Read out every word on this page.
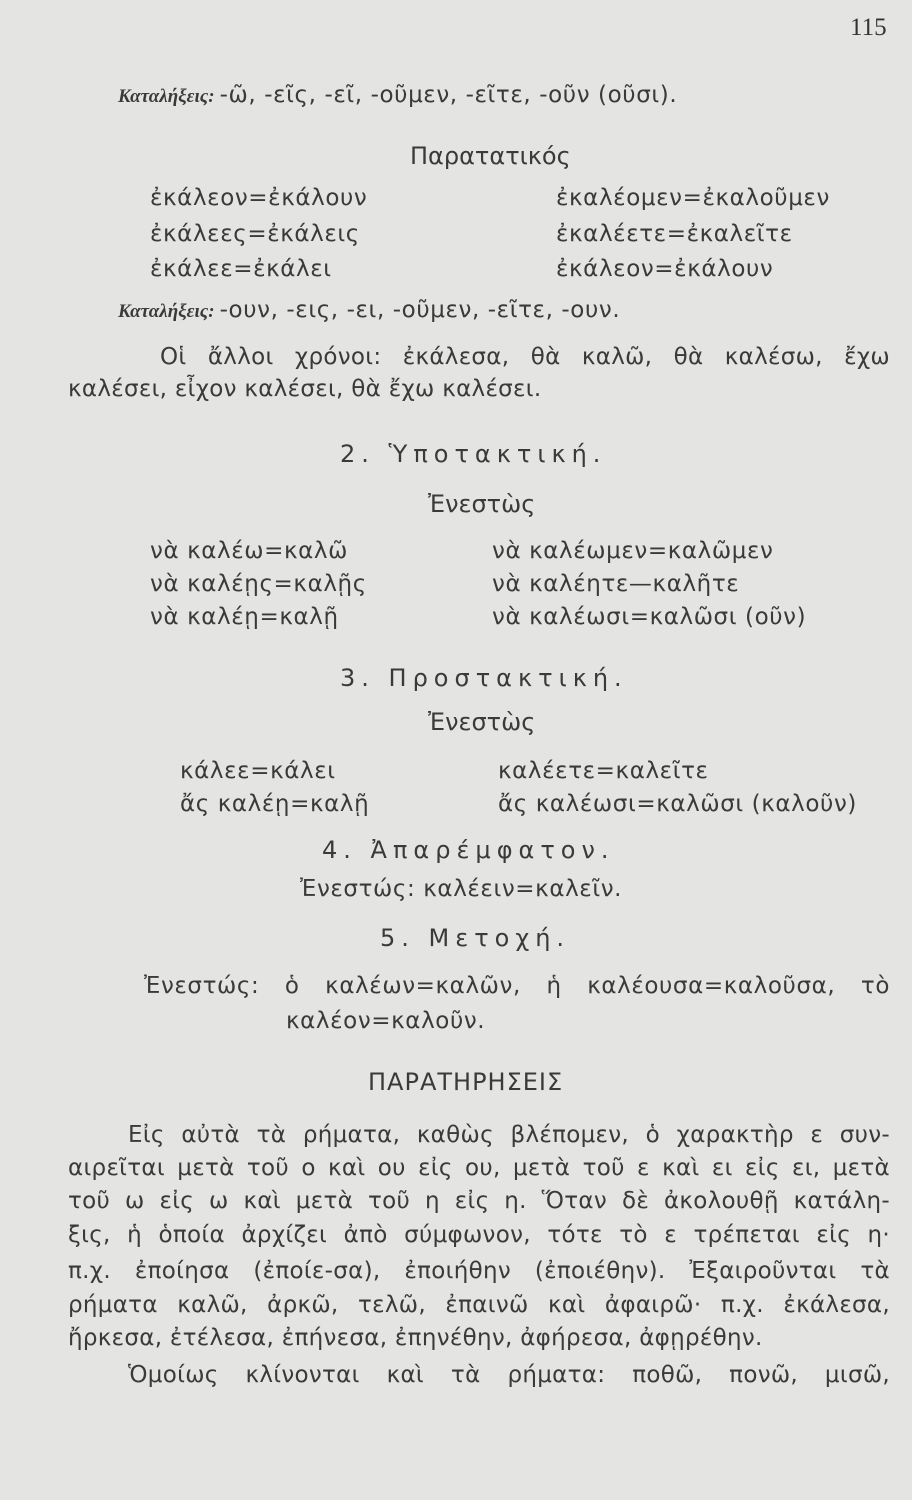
115
Καταλήξεις: -ῶ, -εῖς, -εῖ, -οῦμεν, -εῖτε, -οῦν (οῦσι).
Παρατατικός
ἐκάλεον=ἐκάλουν
ἐκάλεες=ἐκάλεις
ἐκάλεε=ἐκάλει
ἐκαλέομεν=ἐκαλοῦμεν
ἐκαλέετε=ἐκαλεῖτε
ἐκάλεον=ἐκάλουν
Καταλήξεις: -ουν, -εις, -ει, -οῦμεν, -εῖτε, -ουν.
Οἱ ἄλλοι χρόνοι: ἐκάλεσα, θὰ καλῶ, θὰ καλέσω, ἔχω
καλέσει, εἶχον καλέσει, θὰ ἔχω καλέσει.
2. Ὑποτακτική.
Ἐνεστὼς
νὰ καλέω=καλῶ
νὰ καλέῃς=καλῇς
νὰ καλέῃ=καλῇ
νὰ καλέωμεν=καλῶμεν
νὰ καλέητε—καλῆτε
νὰ καλέωσι=καλῶσι (οῦν)
3. Προστακτική.
Ἐνεστὼς
κάλεε=κάλει
ἄς καλέῃ=καλῇ
καλέετε=καλεῖτε
ἄς καλέωσι=καλῶσι (καλοῦν)
4. Ἀπαρέμφατον.
Ἐνεστώς: καλέειν=καλεῖν.
5. Μετοχή.
Ἐνεστώς: ὁ καλέων=καλῶν, ἡ καλέουσα=καλοῦσα, τὸ
καλέον=καλοῦν.
ΠΑΡΑΤΗΡΗΣΕΙΣ
Εἰς αὐτὰ τὰ ρήματα, καθὼς βλέπομεν, ὁ χαρακτὴρ ε συν-
αιρεῖται μετὰ τοῦ ο καὶ ου εἰς ου, μετὰ τοῦ ε καὶ ει εἰς ει, μετὰ
τοῦ ω εἰς ω καὶ μετὰ τοῦ η εἰς η. Ὅταν δὲ ἀκολουθῇ κατάλη-
ξις, ἡ ὁποία ἀρχίζει ἀπὸ σύμφωνον, τότε τὸ ε τρέπεται εἰς η·
π.χ. ἐποίησα (ἐποίε-σα), ἐποιήθην (ἐποιέθην). Ἐξαιροῦνται τὰ
ρήματα καλῶ, ἀρκῶ, τελῶ, ἐπαινῶ καὶ ἀφαιρῶ· π.χ. ἐκάλεσα,
ἤρκεσα, ἐτέλεσα, ἐπήνεσα, ἐπηνέθην, ἀφήρεσα, ἀφῃρέθην.
Ὁμοίως κλίνονται καὶ τὰ ρήματα: ποθῶ, πονῶ, μισῶ,
